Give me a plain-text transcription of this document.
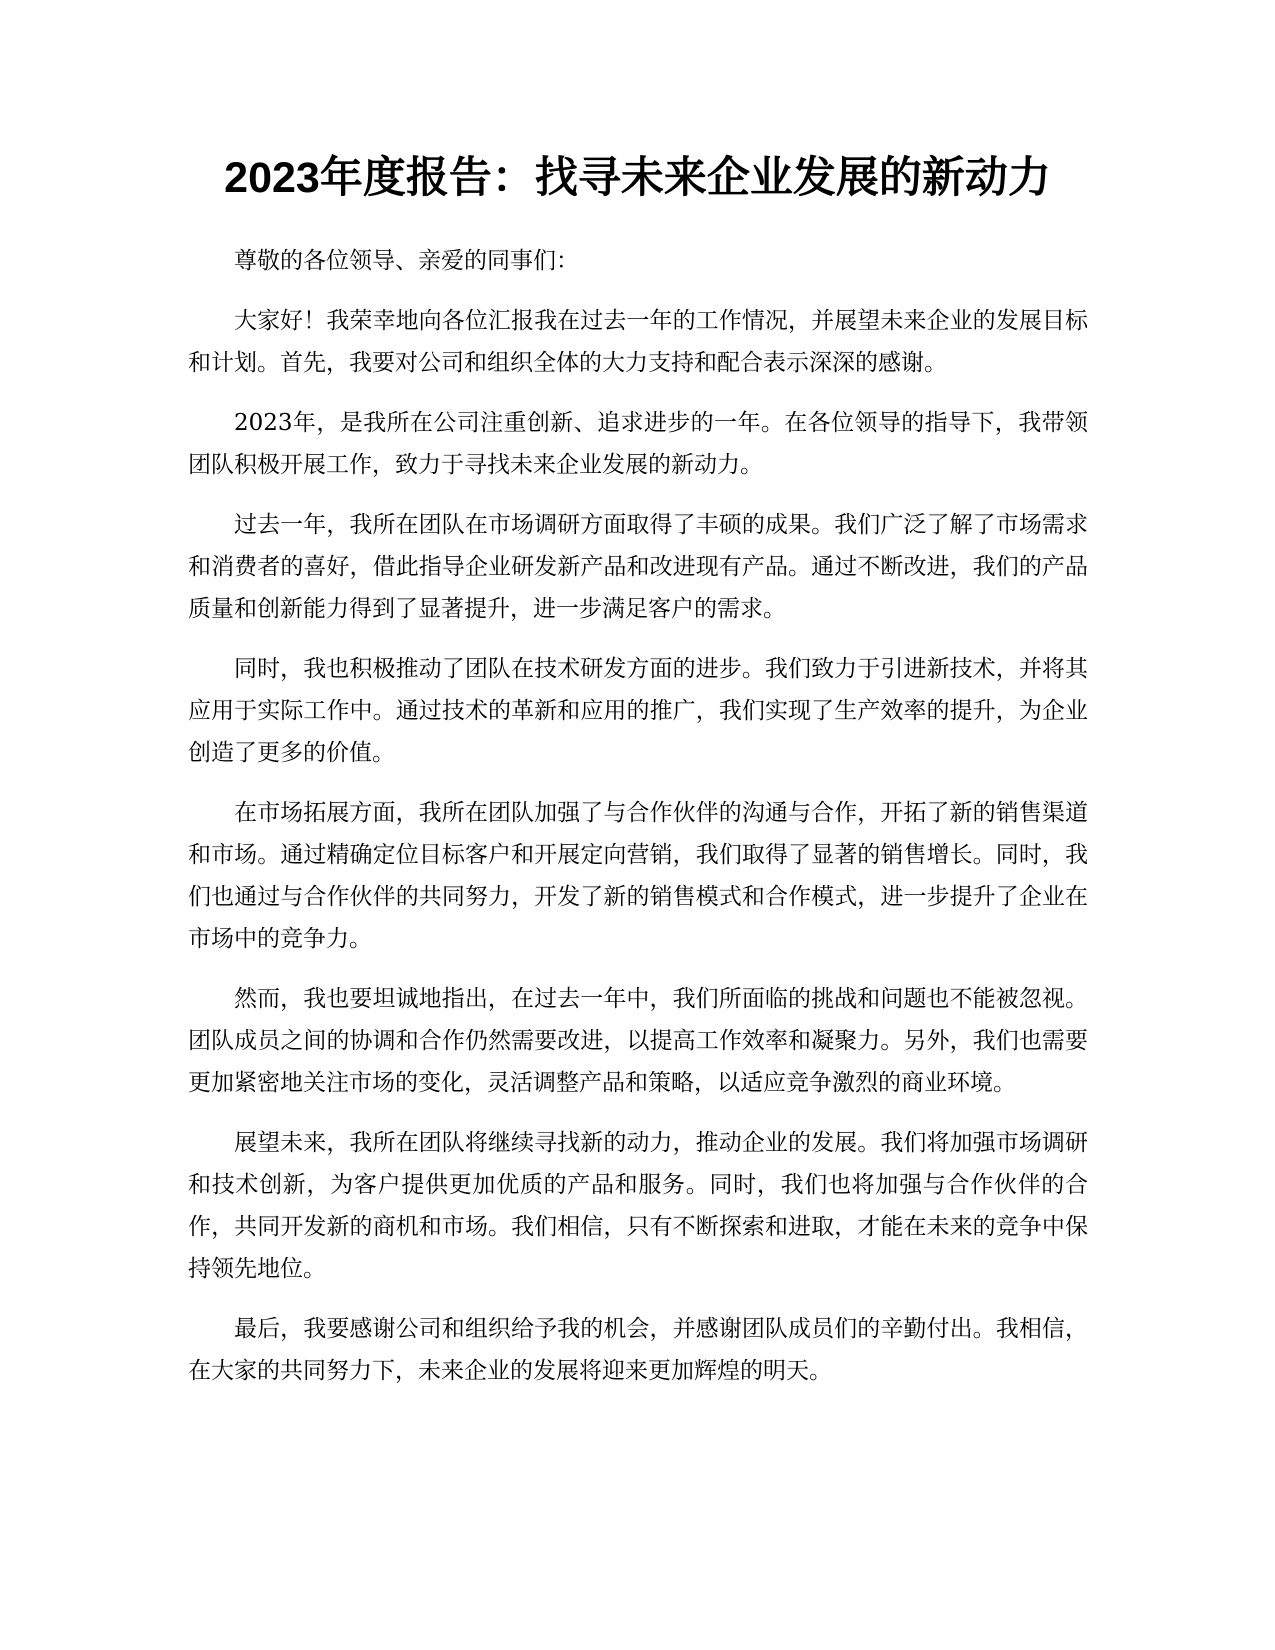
2023年度报告：找寻未来企业发展的新动力

尊敬的各位领导、亲爱的同事们：

大家好！我荣幸地向各位汇报我在过去一年的工作情况，并展望未来企业的发展目标和计划。首先，我要对公司和组织全体的大力支持和配合表示深深的感谢。

2023年，是我所在公司注重创新、追求进步的一年。在各位领导的指导下，我带领团队积极开展工作，致力于寻找未来企业发展的新动力。

过去一年，我所在团队在市场调研方面取得了丰硕的成果。我们广泛了解了市场需求和消费者的喜好，借此指导企业研发新产品和改进现有产品。通过不断改进，我们的产品质量和创新能力得到了显著提升，进一步满足客户的需求。

同时，我也积极推动了团队在技术研发方面的进步。我们致力于引进新技术，并将其应用于实际工作中。通过技术的革新和应用的推广，我们实现了生产效率的提升，为企业创造了更多的价值。

在市场拓展方面，我所在团队加强了与合作伙伴的沟通与合作，开拓了新的销售渠道和市场。通过精确定位目标客户和开展定向营销，我们取得了显著的销售增长。同时，我们也通过与合作伙伴的共同努力，开发了新的销售模式和合作模式，进一步提升了企业在市场中的竞争力。

然而，我也要坦诚地指出，在过去一年中，我们所面临的挑战和问题也不能被忽视。团队成员之间的协调和合作仍然需要改进，以提高工作效率和凝聚力。另外，我们也需要更加紧密地关注市场的变化，灵活调整产品和策略，以适应竞争激烈的商业环境。

展望未来，我所在团队将继续寻找新的动力，推动企业的发展。我们将加强市场调研和技术创新，为客户提供更加优质的产品和服务。同时，我们也将加强与合作伙伴的合作，共同开发新的商机和市场。我们相信，只有不断探索和进取，才能在未来的竞争中保持领先地位。

最后，我要感谢公司和组织给予我的机会，并感谢团队成员们的辛勤付出。我相信，在大家的共同努力下，未来企业的发展将迎来更加辉煌的明天。
